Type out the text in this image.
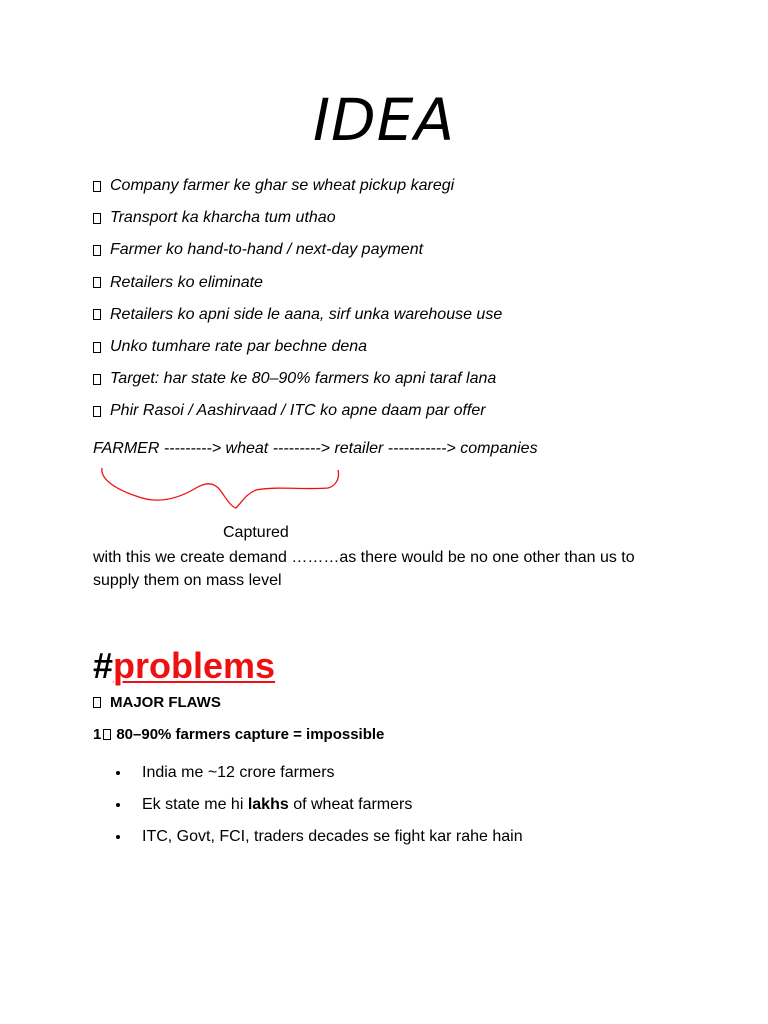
IDEA
Company farmer ke ghar se wheat pickup karegi
Transport ka kharcha tum uthao
Farmer ko hand-to-hand / next-day payment
Retailers ko eliminate
Retailers ko apni side le aana, sirf unka warehouse use
Unko tumhare rate par bechne dena
Target: har state ke 80–90% farmers ko apni taraf lana
Phir Rasoi / Aashirvaad / ITC ko apne daam par offer
FARMER ---------> wheat ---------> retailer -----------> companies
Captured
with this we create demand ………as there would be no one other than us to supply them on mass level
#problems
MAJOR FLAWS
1 80–90% farmers capture = impossible
India me ~12 crore farmers
Ek state me hi lakhs of wheat farmers
ITC, Govt, FCI, traders decades se fight kar rahe hain
